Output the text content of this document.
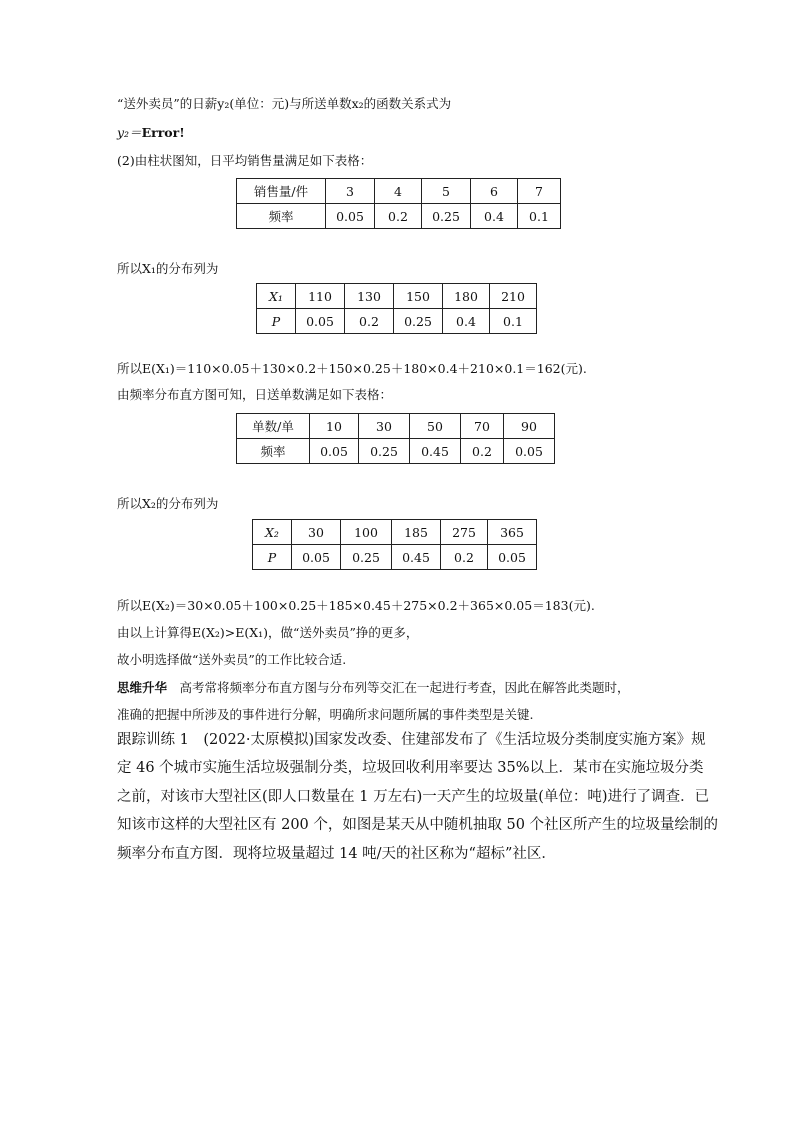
“送外卖员”的日薪y₂(单位：元)与所送单数x₂的函数关系式为
y₂＝Error!
(2)由柱状图知，日平均销售量满足如下表格：
销售量/件	3	4	5	6	7
频率	0.05	0.2	0.25	0.4	0.1
所以X₁的分布列为
X₁	110	130	150	180	210
P	0.05	0.2	0.25	0.4	0.1
所以E(X₁)＝110×0.05＋130×0.2＋150×0.25＋180×0.4＋210×0.1＝162(元).
由频率分布直方图可知，日送单数满足如下表格：
单数/单	10	30	50	70	90
频率	0.05	0.25	0.45	0.2	0.05
所以X₂的分布列为
X₂	30	100	185	275	365
P	0.05	0.25	0.45	0.2	0.05
所以E(X₂)＝30×0.05＋100×0.25＋185×0.45＋275×0.2＋365×0.05＝183(元).
由以上计算得E(X₂)>E(X₁)，做“送外卖员”挣的更多，
故小明选择做“送外卖员”的工作比较合适.
思维升华　 高考常将频率分布直方图与分布列等交汇在一起进行考查，因此在解答此类题时，
准确的把握中所涉及的事件进行分解，明确所求问题所属的事件类型是关键.
跟踪训练 1　(2022·太原模拟)国家发改委、住建部发布了《生活垃圾分类制度实施方案》规
定 46 个城市实施生活垃圾强制分类，垃圾回收利用率要达 35%以上．某市在实施垃圾分类
之前，对该市大型社区(即人口数量在 1 万左右)一天产生的垃圾量(单位：吨)进行了调查．已
知该市这样的大型社区有 200 个，如图是某天从中随机抽取 50 个社区所产生的垃圾量绘制的
频率分布直方图．现将垃圾量超过 14 吨/天的社区称为“超标”社区．
